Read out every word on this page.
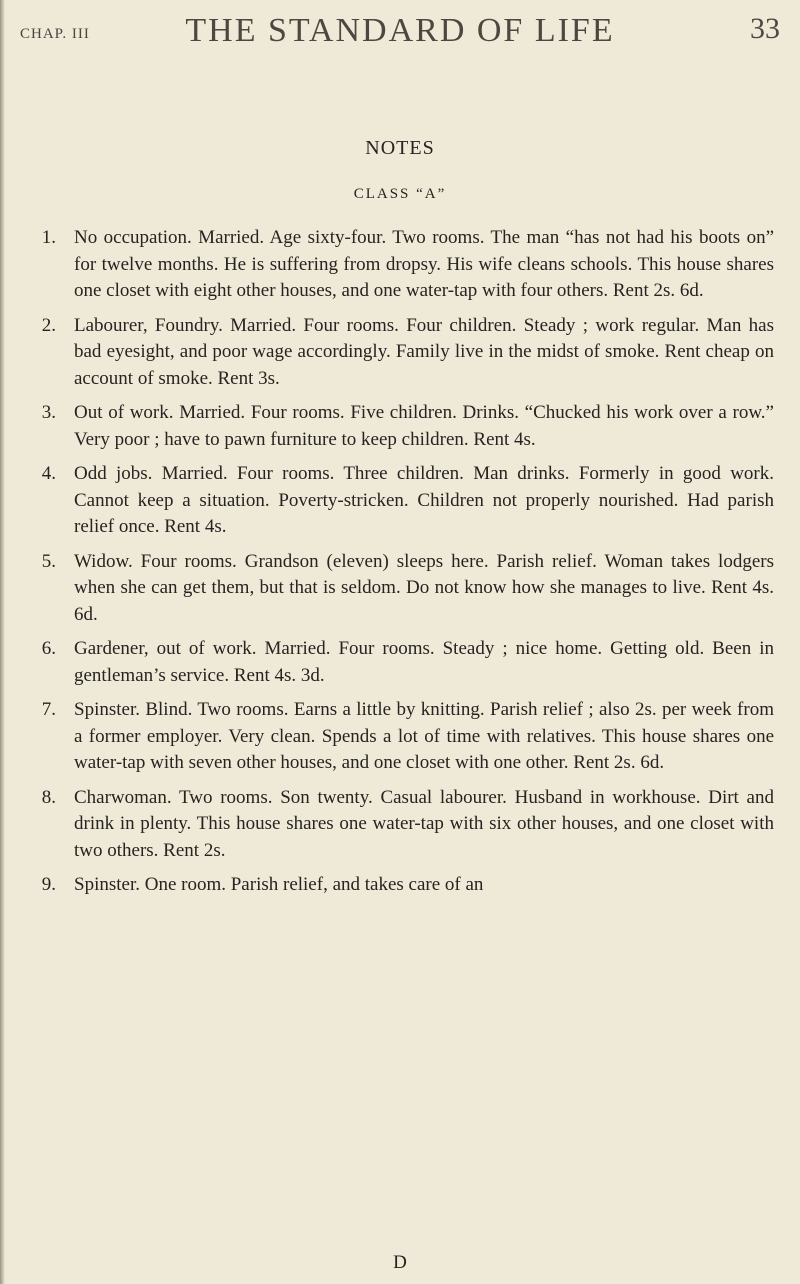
CHAP. III	THE STANDARD OF LIFE	33
NOTES
CLASS “A”
1. No occupation. Married. Age sixty-four. Two rooms. The man “has not had his boots on” for twelve months. He is suffering from dropsy. His wife cleans schools. This house shares one closet with eight other houses, and one water-tap with four others. Rent 2s. 6d.
2. Labourer, Foundry. Married. Four rooms. Four children. Steady ; work regular. Man has bad eyesight, and poor wage accordingly. Family live in the midst of smoke. Rent cheap on account of smoke. Rent 3s.
3. Out of work. Married. Four rooms. Five children. Drinks. “Chucked his work over a row.” Very poor ; have to pawn furniture to keep children. Rent 4s.
4. Odd jobs. Married. Four rooms. Three children. Man drinks. Formerly in good work. Cannot keep a situation. Poverty-stricken. Children not properly nourished. Had parish relief once. Rent 4s.
5. Widow. Four rooms. Grandson (eleven) sleeps here. Parish relief. Woman takes lodgers when she can get them, but that is seldom. Do not know how she manages to live. Rent 4s. 6d.
6. Gardener, out of work. Married. Four rooms. Steady ; nice home. Getting old. Been in gentleman’s service. Rent 4s. 3d.
7. Spinster. Blind. Two rooms. Earns a little by knitting. Parish relief ; also 2s. per week from a former employer. Very clean. Spends a lot of time with relatives. This house shares one water-tap with seven other houses, and one closet with one other. Rent 2s. 6d.
8. Charwoman. Two rooms. Son twenty. Casual labourer. Husband in workhouse. Dirt and drink in plenty. This house shares one water-tap with six other houses, and one closet with two others. Rent 2s.
9. Spinster. One room. Parish relief, and takes care of an
D
